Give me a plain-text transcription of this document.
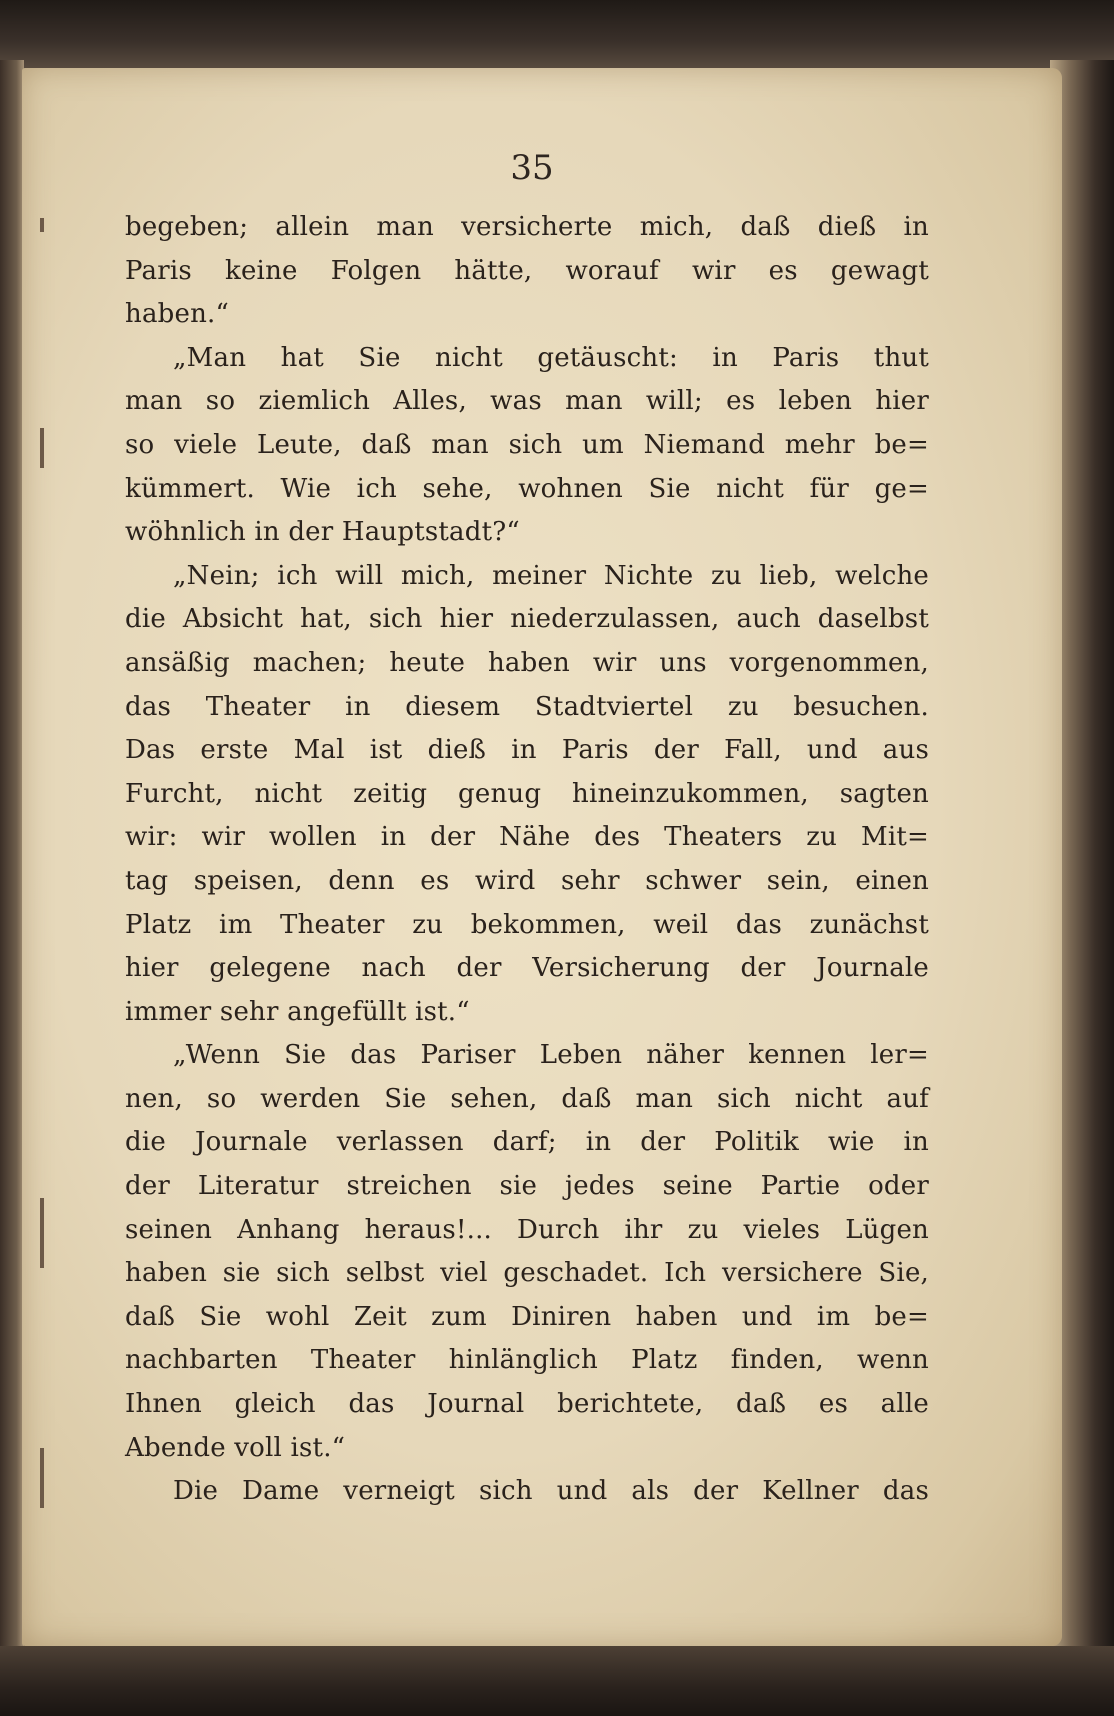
35
begeben; allein man versicherte mich, daß dieß in
Paris keine Folgen hätte, worauf wir es gewagt
haben.“
„Man hat Sie nicht getäuscht: in Paris thut
man so ziemlich Alles, was man will; es leben hier
so viele Leute, daß man sich um Niemand mehr be=
kümmert. Wie ich sehe, wohnen Sie nicht für ge=
wöhnlich in der Hauptstadt?“
„Nein; ich will mich, meiner Nichte zu lieb, welche
die Absicht hat, sich hier niederzulassen, auch daselbst
ansäßig machen; heute haben wir uns vorgenommen,
das Theater in diesem Stadtviertel zu besuchen.
Das erste Mal ist dieß in Paris der Fall, und aus
Furcht, nicht zeitig genug hineinzukommen, sagten
wir: wir wollen in der Nähe des Theaters zu Mit=
tag speisen, denn es wird sehr schwer sein, einen
Platz im Theater zu bekommen, weil das zunächst
hier gelegene nach der Versicherung der Journale
immer sehr angefüllt ist.“
„Wenn Sie das Pariser Leben näher kennen ler=
nen, so werden Sie sehen, daß man sich nicht auf
die Journale verlassen darf; in der Politik wie in
der Literatur streichen sie jedes seine Partie oder
seinen Anhang heraus!... Durch ihr zu vieles Lügen
haben sie sich selbst viel geschadet. Ich versichere Sie,
daß Sie wohl Zeit zum Diniren haben und im be=
nachbarten Theater hinlänglich Platz finden, wenn
Ihnen gleich das Journal berichtete, daß es alle
Abende voll ist.“
Die Dame verneigt sich und als der Kellner das
